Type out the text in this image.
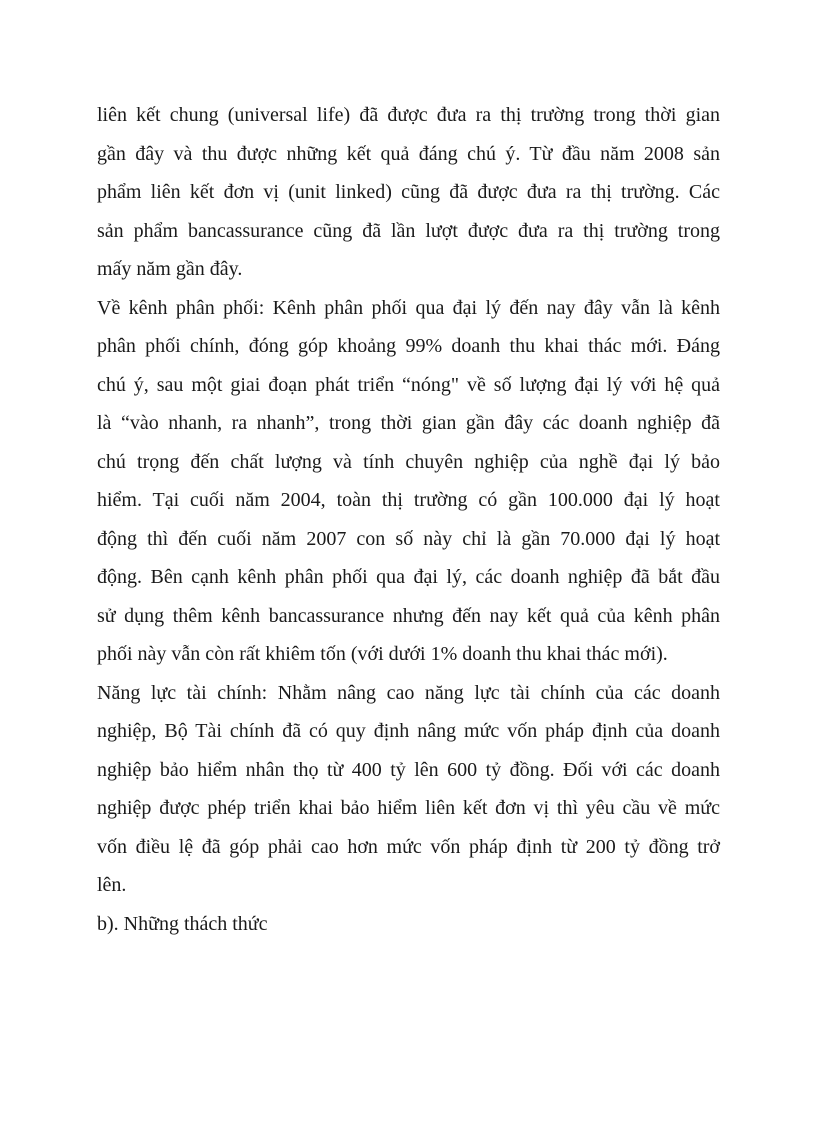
liên kết chung (universal life) đã được đưa ra thị trường trong thời gian
gần đây và thu được những kết quả đáng chú ý. Từ đầu năm 2008 sản
phẩm liên kết đơn vị (unit linked) cũng đã được đưa ra thị trường. Các
sản phẩm bancassurance cũng đã lần lượt được đưa ra thị trường trong
mấy năm gần đây.
Về kênh phân phối: Kênh phân phối qua đại lý đến nay đây vẫn là kênh
phân phối chính, đóng góp khoảng 99% doanh thu khai thác mới. Đáng
chú ý, sau một giai đoạn phát triển “nóng" về số lượng đại lý với hệ quả
là “vào nhanh, ra nhanh”, trong thời gian gần đây các doanh nghiệp đã
chú trọng đến chất lượng và tính chuyên nghiệp của nghề đại lý bảo
hiểm. Tại cuối năm 2004, toàn thị trường có gần 100.000 đại lý hoạt
động thì đến cuối năm 2007 con số này chỉ là gần 70.000 đại lý hoạt
động. Bên cạnh kênh phân phối qua đại lý, các doanh nghiệp đã bắt đầu
sử dụng thêm kênh bancassurance nhưng đến nay kết quả của kênh phân
phối này vẫn còn rất khiêm tốn (với dưới 1% doanh thu khai thác mới).
Năng lực tài chính: Nhằm nâng cao năng lực tài chính của các doanh
nghiệp, Bộ Tài chính đã có quy định nâng mức vốn pháp định của doanh
nghiệp bảo hiểm nhân thọ từ 400 tỷ lên 600 tỷ đồng. Đối với các doanh
nghiệp được phép triển khai bảo hiểm liên kết đơn vị thì yêu cầu về mức
vốn điều lệ đã góp phải cao hơn mức vốn pháp định từ 200 tỷ đồng trở
lên.
b). Những thách thức
